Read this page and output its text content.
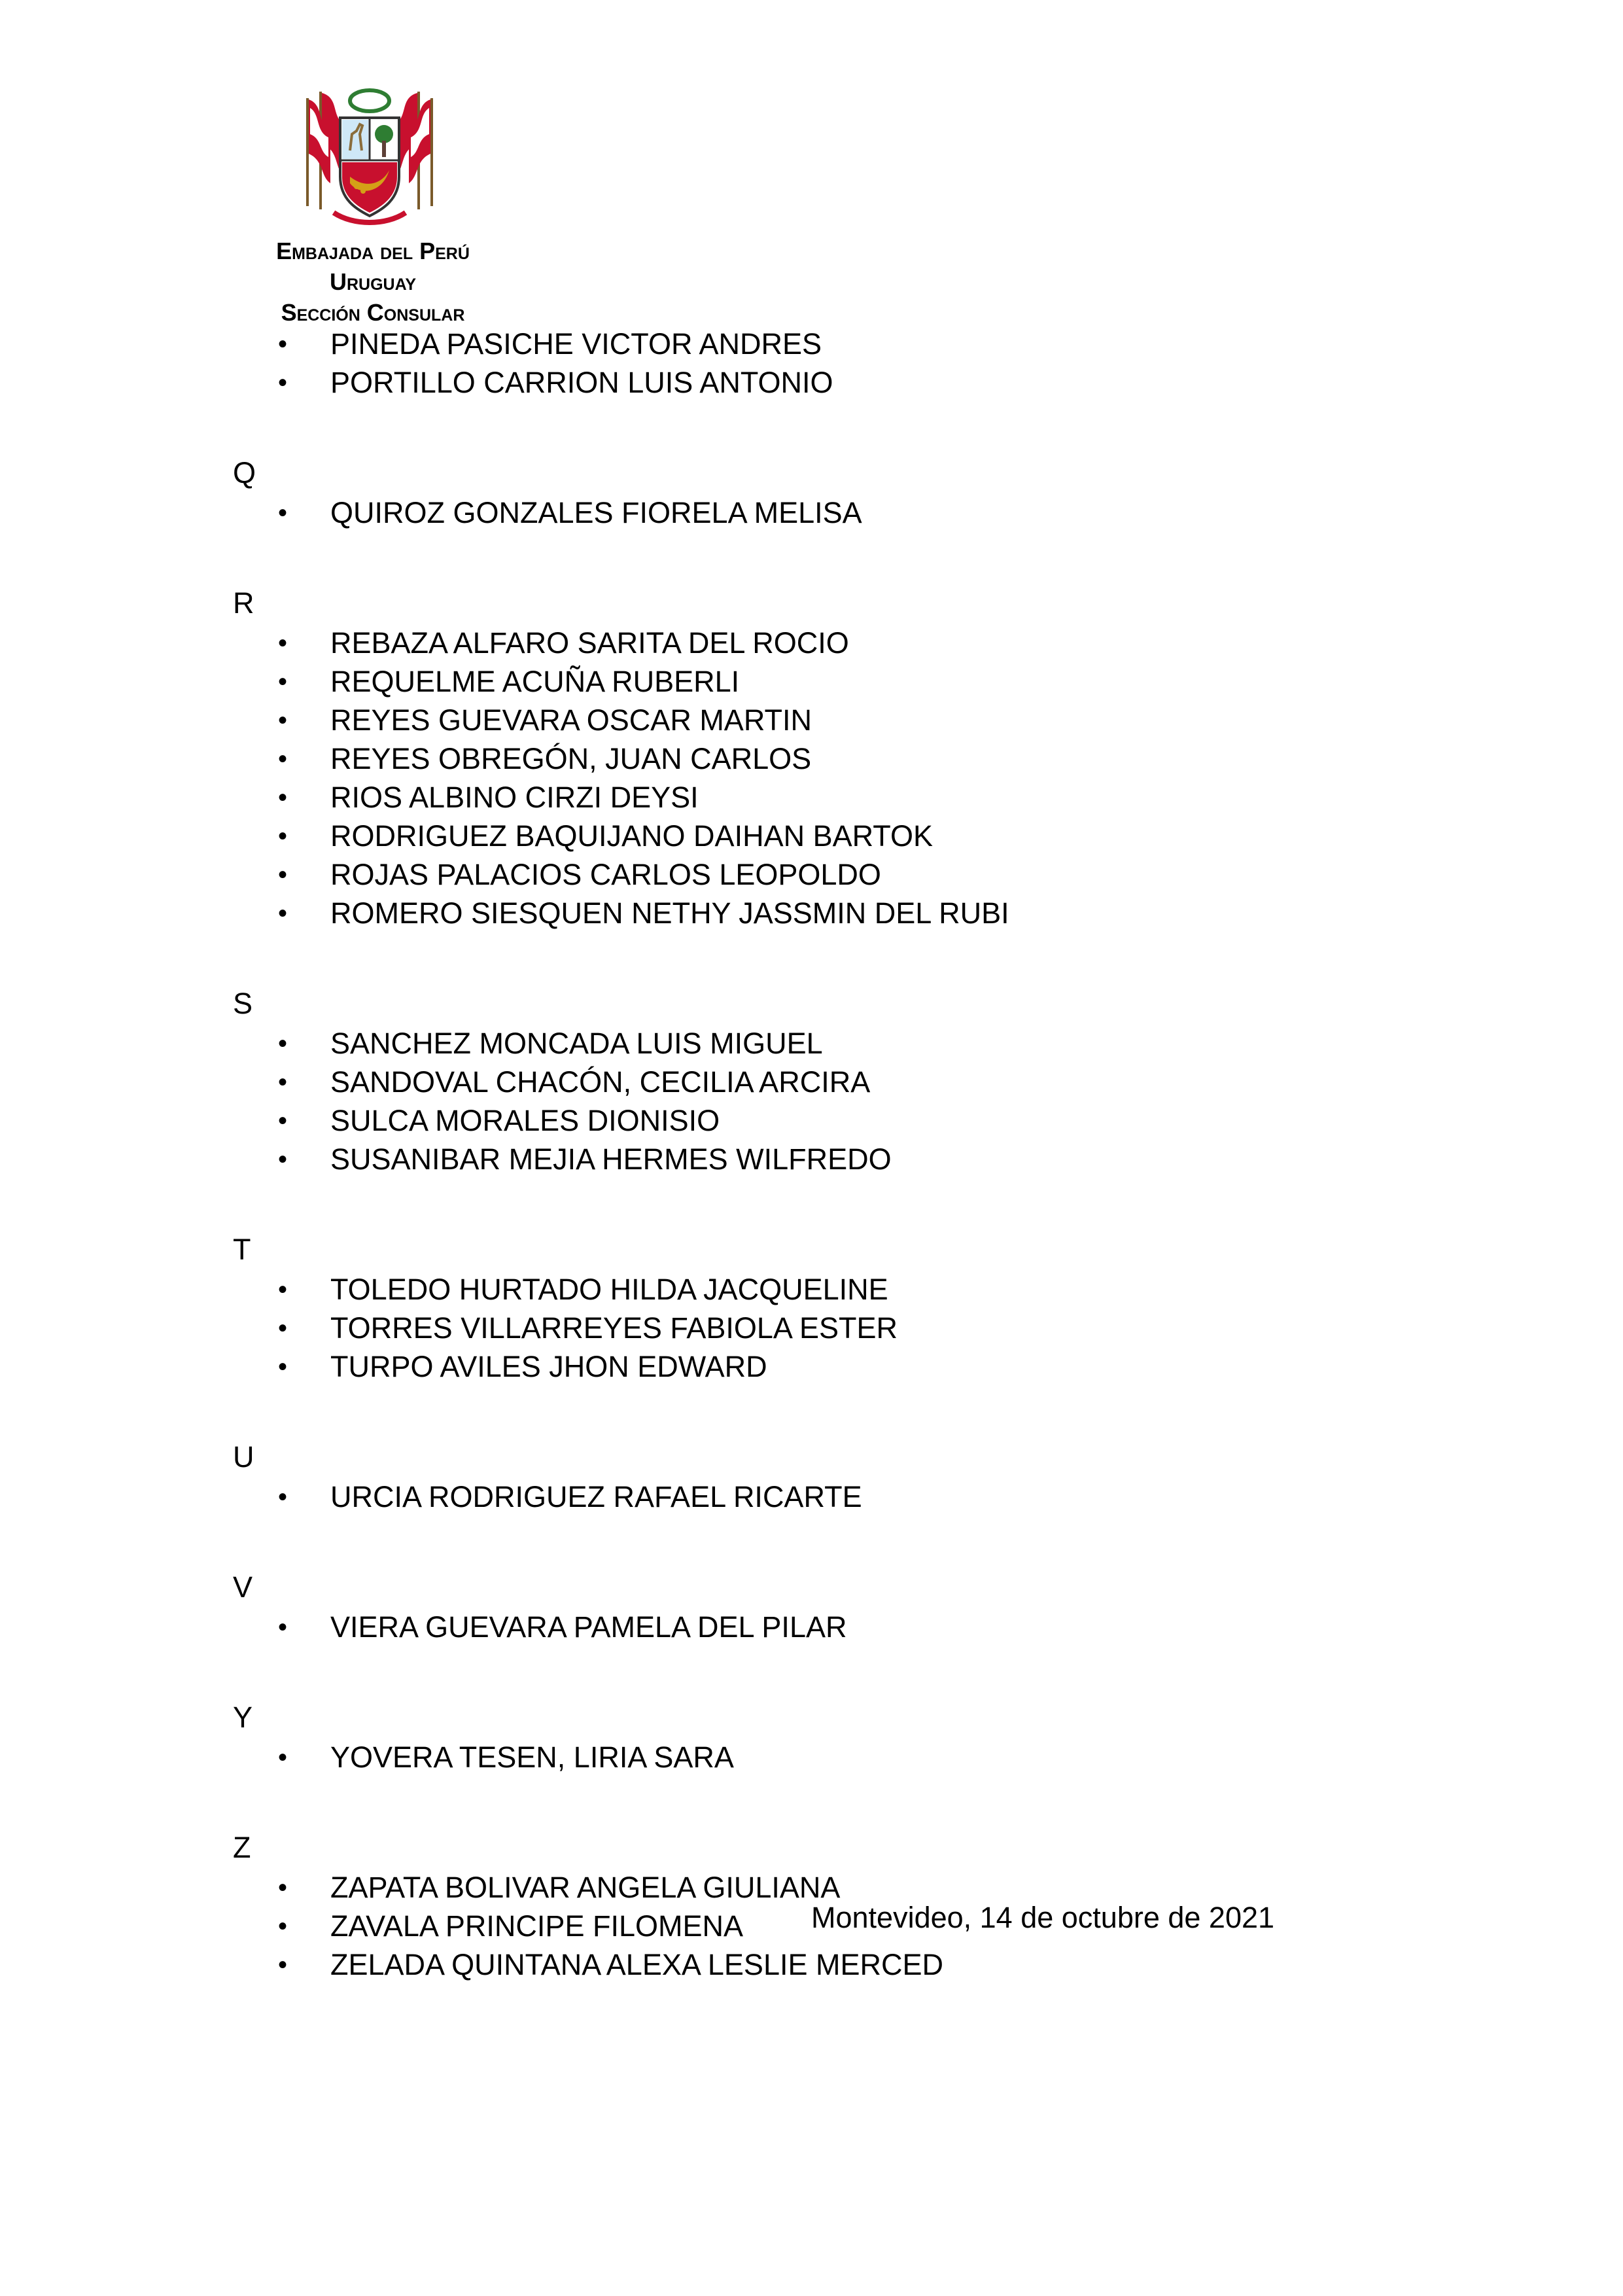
Embajada del Perú
Uruguay
Sección Consular
• PINEDA PASICHE VICTOR ANDRES
• PORTILLO CARRION LUIS ANTONIO
Q
• QUIROZ GONZALES FIORELA MELISA
R
• REBAZA ALFARO SARITA DEL ROCIO
• REQUELME ACUÑA RUBERLI
• REYES GUEVARA OSCAR MARTIN
• REYES OBREGÓN, JUAN CARLOS
• RIOS ALBINO CIRZI DEYSI
• RODRIGUEZ BAQUIJANO DAIHAN BARTOK
• ROJAS PALACIOS CARLOS LEOPOLDO
• ROMERO SIESQUEN NETHY JASSMIN DEL RUBI
S
• SANCHEZ MONCADA LUIS MIGUEL
• SANDOVAL CHACÓN, CECILIA ARCIRA
• SULCA MORALES DIONISIO
• SUSANIBAR MEJIA HERMES WILFREDO
T
• TOLEDO HURTADO HILDA JACQUELINE
• TORRES VILLARREYES FABIOLA ESTER
• TURPO AVILES JHON EDWARD
U
• URCIA RODRIGUEZ RAFAEL RICARTE
V
• VIERA GUEVARA PAMELA DEL PILAR
Y
• YOVERA TESEN, LIRIA SARA
Z
• ZAPATA BOLIVAR ANGELA GIULIANA
• ZAVALA PRINCIPE FILOMENA
• ZELADA QUINTANA ALEXA LESLIE MERCED
Montevideo, 14 de octubre de 2021
